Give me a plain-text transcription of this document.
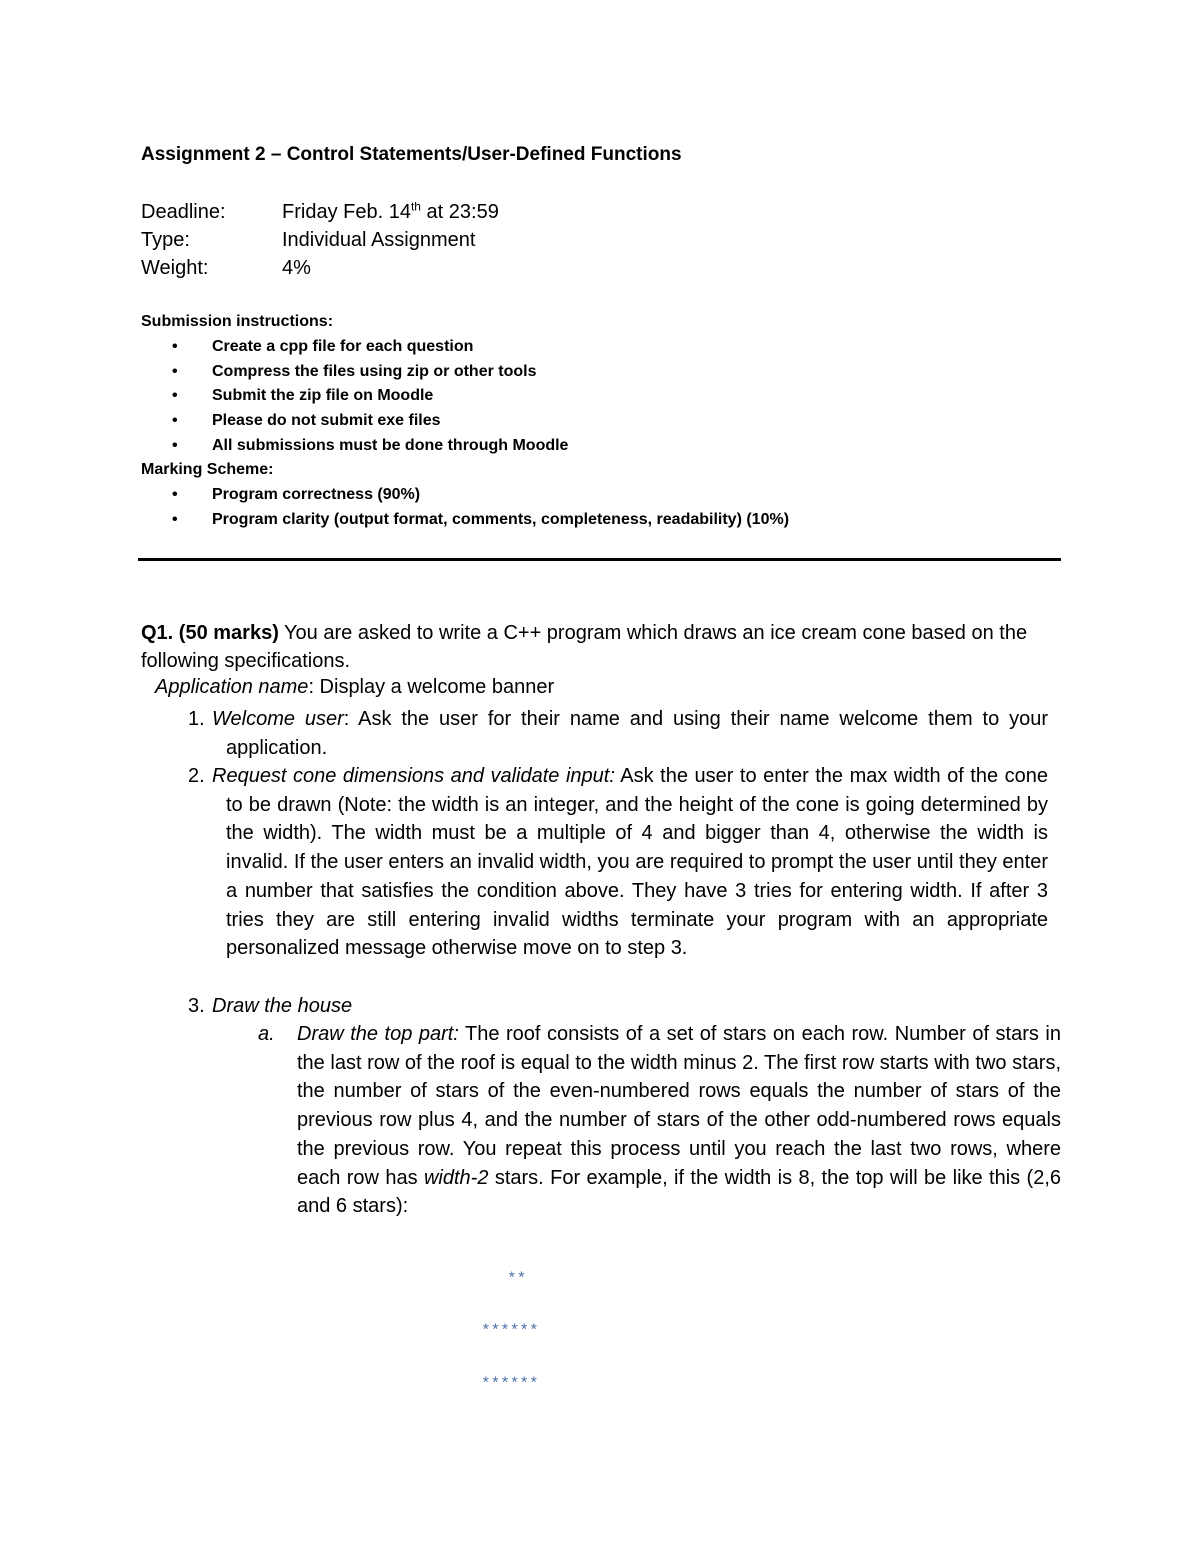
Assignment 2 – Control Statements/User-Defined Functions
Deadline:	Friday Feb. 14th at 23:59
Type:	Individual Assignment
Weight:	4%
Submission instructions:
• Create a cpp file for each question
• Compress the files using zip or other tools
• Submit the zip file on Moodle
• Please do not submit exe files
• All submissions must be done through Moodle
Marking Scheme:
• Program correctness (90%)
• Program clarity (output format, comments, completeness, readability) (10%)

Q1. (50 marks) You are asked to write a C++ program which draws an ice cream cone based on the following specifications.

Application name: Display a welcome banner
1. Welcome user: Ask the user for their name and using their name welcome them to your application.
2. Request cone dimensions and validate input: Ask the user to enter the max width of the cone to be drawn (Note: the width is an integer, and the height of the cone is going determined by the width). The width must be a multiple of 4 and bigger than 4, otherwise the width is invalid. If the user enters an invalid width, you are required to prompt the user until they enter a number that satisfies the condition above. They have 3 tries for entering width. If after 3 tries they are still entering invalid widths terminate your program with an appropriate personalized message otherwise move on to step 3.
3. Draw the house
a. Draw the top part: The roof consists of a set of stars on each row. Number of stars in the last row of the roof is equal to the width minus 2. The first row starts with two stars, the number of stars of the even-numbered rows equals the number of stars of the previous row plus 4, and the number of stars of the other odd-numbered rows equals the previous row. You repeat this process until you reach the last two rows, where each row has width-2 stars. For example, if the width is 8, the top will be like this (2,6 and 6 stars):
**
******
******
